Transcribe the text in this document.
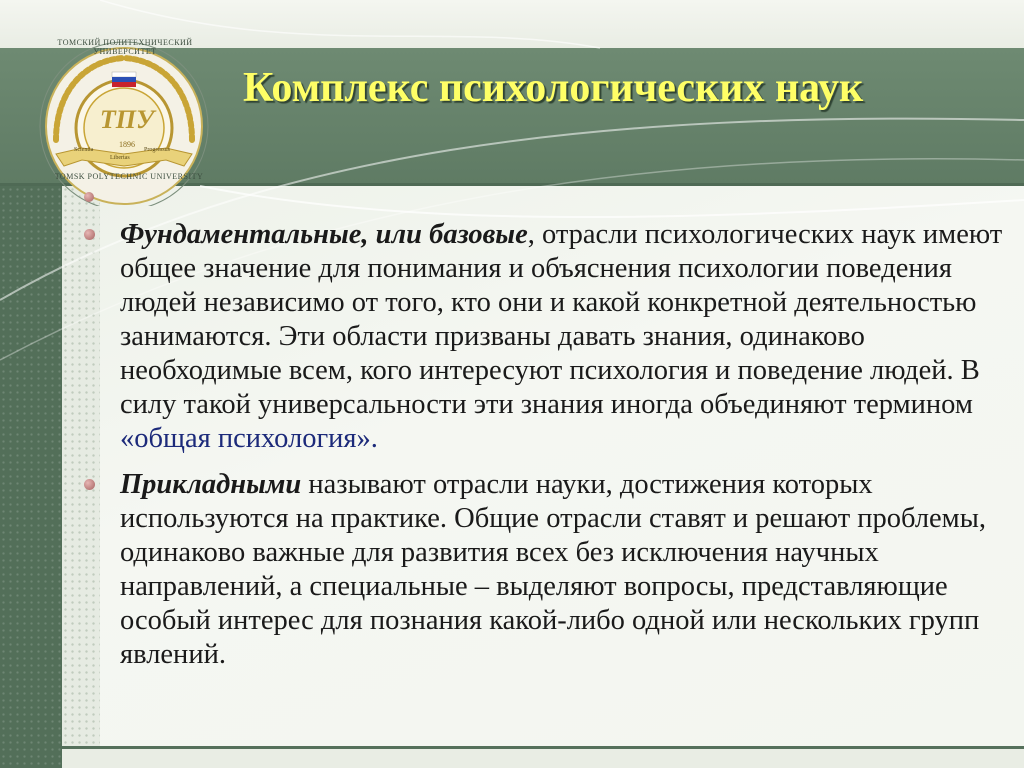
ТПУ
ТОМСКИЙ ПОЛИТЕХНИЧЕСКИЙ УНИВЕРСИТЕТ
1896
Scientia
Libertas
Progressus
TOMSK POLYTECHNIC UNIVERSITY
Комплекс психологических наук
Фундаментальные, или базовые, отрасли психологических наук имеют общее значение для понимания и объяснения психологии поведения людей независимо от того, кто они и какой конкретной деятельностью занимаются. Эти области призваны давать знания, одинаково необходимые всем, кого интересуют психология и поведение людей. В силу такой универсальности эти знания иногда объединяют термином «общая психология».
Прикладными называют отрасли науки, достижения которых используются на практике. Общие отрасли ставят и решают проблемы, одинаково важные для развития всех без исключения научных направлений, а специальные – выделяют вопросы, представляющие особый интерес для познания какой-либо одной или нескольких групп явлений.
